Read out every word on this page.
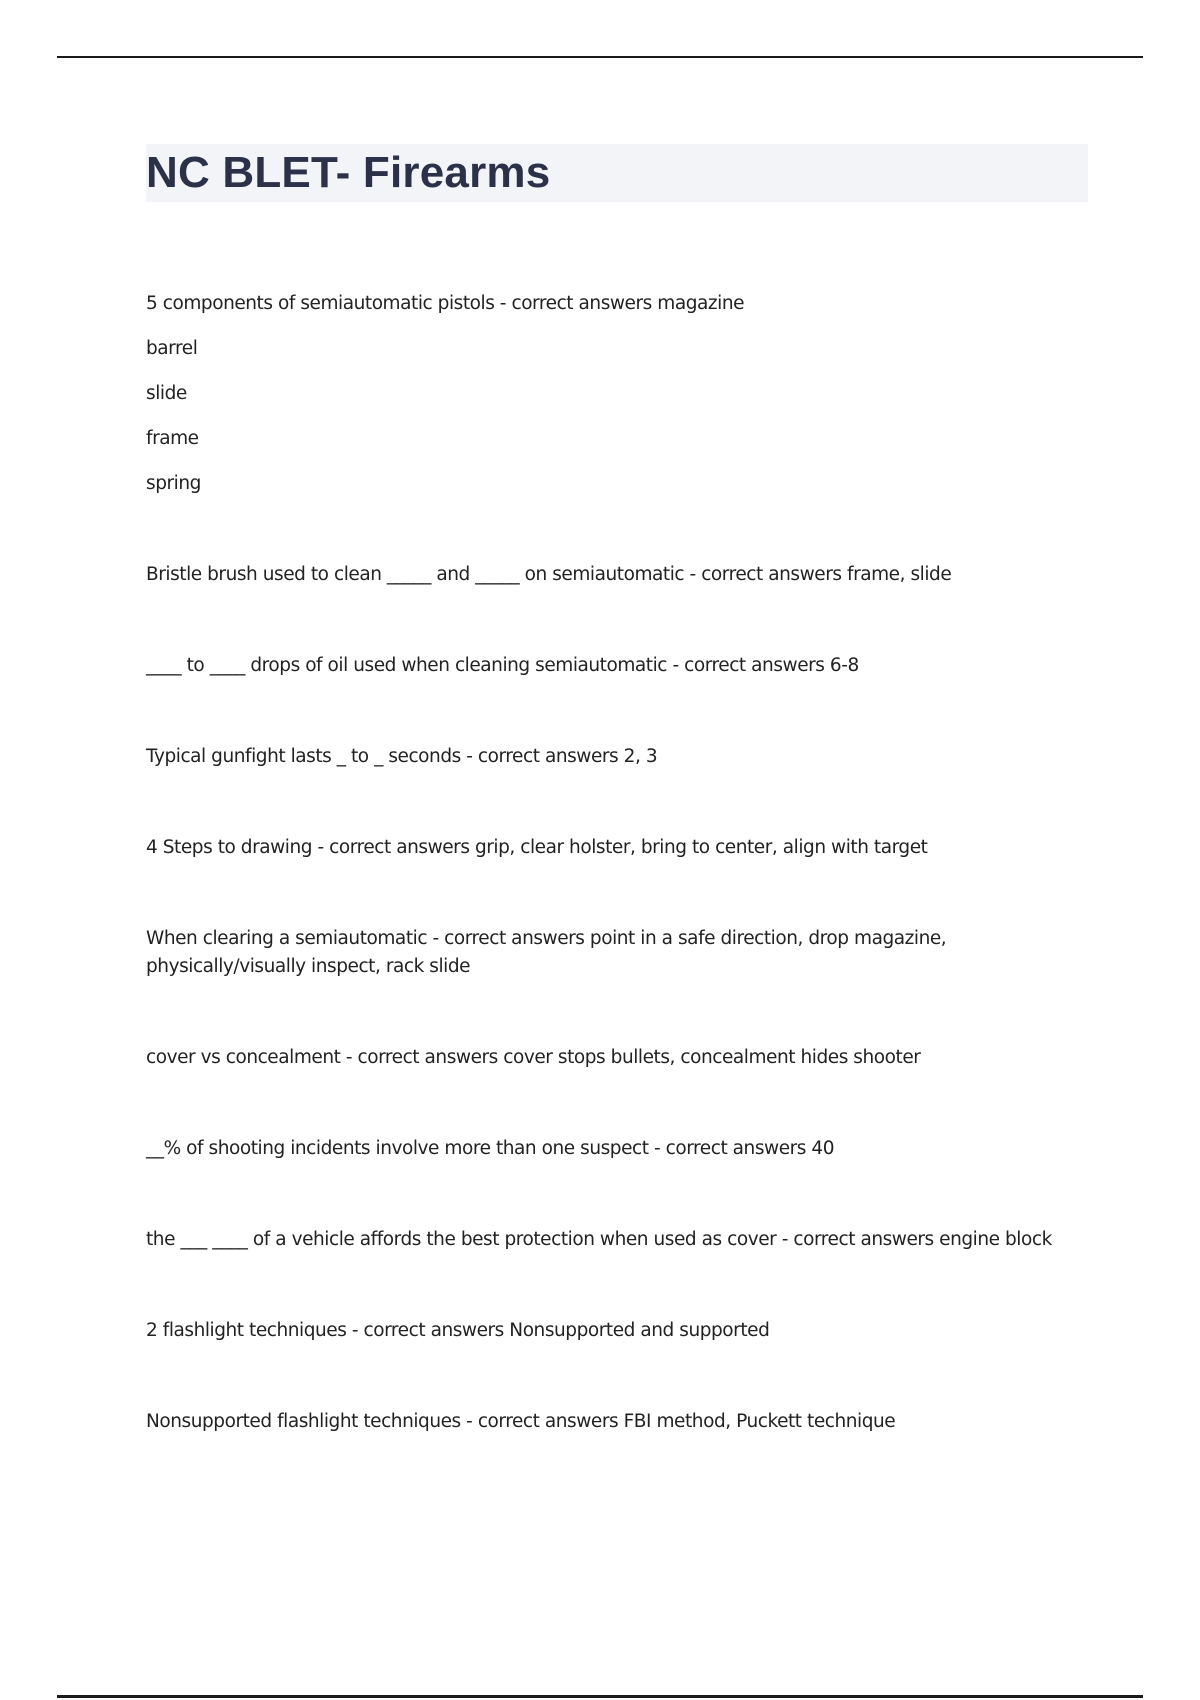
NC BLET- Firearms

5 components of semiautomatic pistols - correct answers magazine

barrel

slide

frame

spring

Bristle brush used to clean _____ and _____ on semiautomatic - correct answers frame, slide

____ to ____ drops of oil used when cleaning semiautomatic - correct answers 6-8

Typical gunfight lasts _ to _ seconds - correct answers 2, 3

4 Steps to drawing - correct answers grip, clear holster, bring to center, align with target

When clearing a semiautomatic - correct answers point in a safe direction, drop magazine, physically/visually inspect, rack slide

cover vs concealment - correct answers cover stops bullets, concealment hides shooter

__% of shooting incidents involve more than one suspect - correct answers 40

the ___ ____ of a vehicle affords the best protection when used as cover - correct answers engine block

2 flashlight techniques - correct answers Nonsupported and supported

Nonsupported flashlight techniques - correct answers FBI method, Puckett technique
